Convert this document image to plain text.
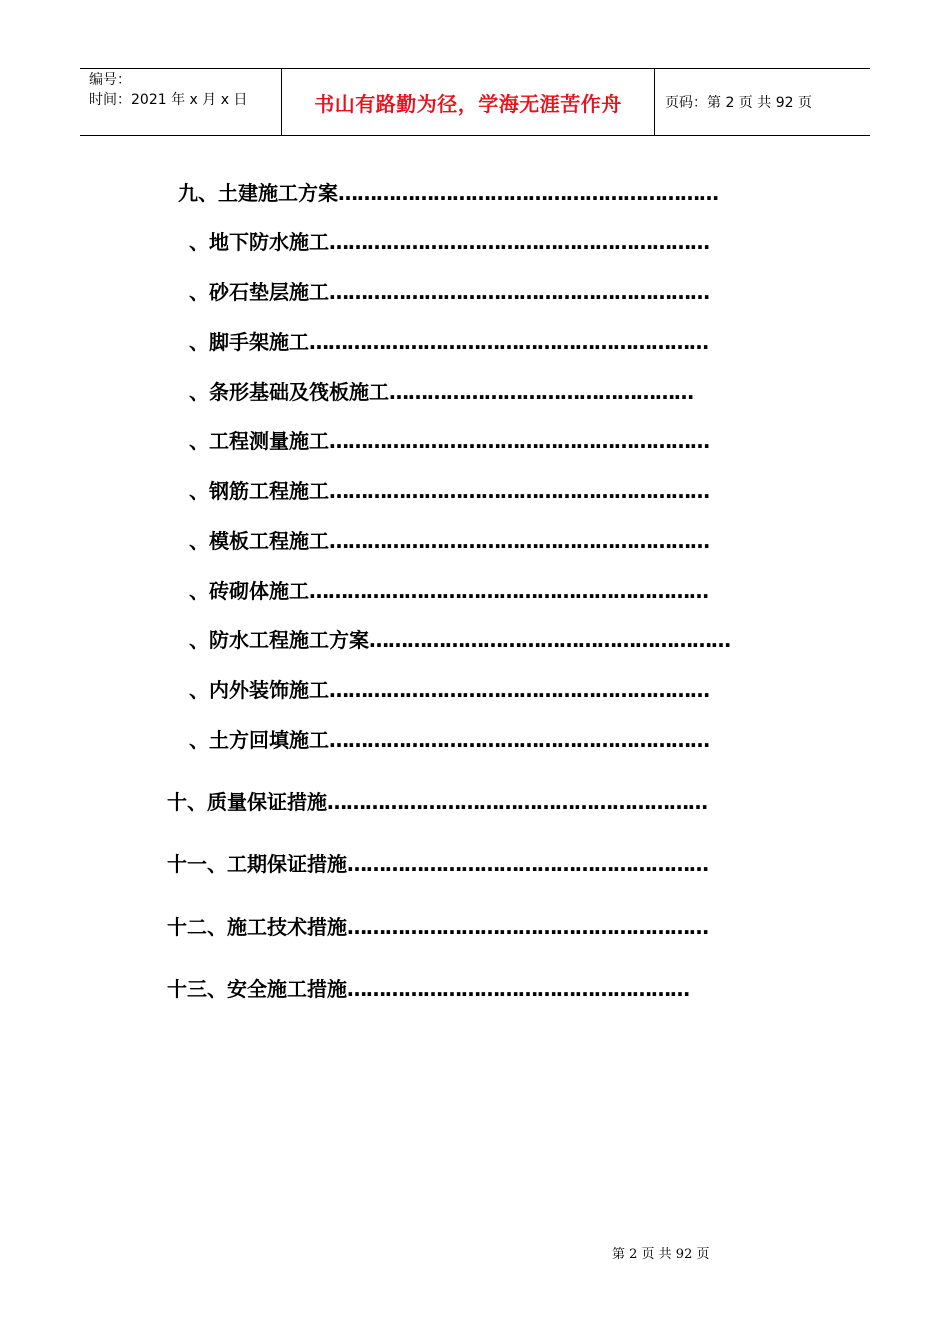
编号：
时间：2021 年 x 月 x 日	书山有路勤为径，学海无涯苦作舟	页码：第 2 页 共 92 页
九、土建施工方案……………………………………………………
、地下防水施工……………………………………………………
、砂石垫层施工……………………………………………………
、脚手架施工………………………………………………………
、条形基础及筏板施工…………………………………………
、工程测量施工……………………………………………………
、钢筋工程施工……………………………………………………
、模板工程施工……………………………………………………
、砖砌体施工………………………………………………………
、防水工程施工方案…………………………………………………
、内外装饰施工……………………………………………………
、土方回填施工……………………………………………………
十、质量保证措施……………………………………………………
十一、工期保证措施…………………………………………………
十二、施工技术措施…………………………………………………
十三、安全施工措施………………………………………………
第 2 页 共 92 页
